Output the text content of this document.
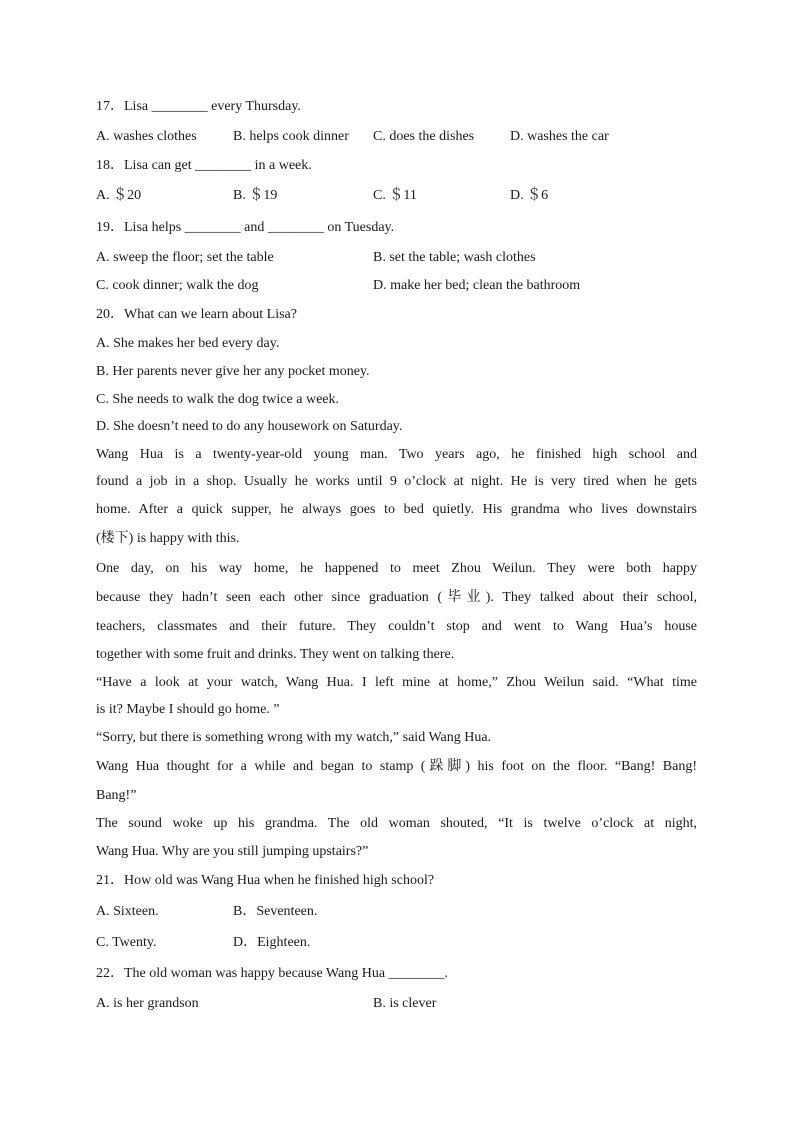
17．Lisa ________ every Thursday.
A. washes clothes	B. helps cook dinner C. does the dishes	D. washes the car
18．Lisa can get ________ in a week.
A. ＄20	B. ＄19	C. ＄11	D. ＄6
19．Lisa helps ________ and ________ on Tuesday.
A. sweep the floor; set the table	B. set the table; wash clothes
C. cook dinner; walk the dog	D. make her bed; clean the bathroom
20．What can we learn about Lisa?
A. She makes her bed every day.
B. Her parents never give her any pocket money.
C. She needs to walk the dog twice a week.
D. She doesn’t need to do any housework on Saturday.
Wang Hua is a twenty-year-old young man. Two years ago, he finished high school and
found a job in a shop. Usually he works until 9 o’clock at night. He is very tired when he gets
home. After a quick supper, he always goes to bed quietly. His grandma who lives downstairs
(楼下) is happy with this.
One day, on his way home, he happened to meet Zhou Weilun. They were both happy
because they hadn’t seen each other since graduation (毕业). They talked about their school,
teachers, classmates and their future. They couldn’t stop and went to Wang Hua’s house
together with some fruit and drinks. They went on talking there.
“Have a look at your watch, Wang Hua. I left mine at home,” Zhou Weilun said. “What time
is it? Maybe I should go home. ”
“Sorry, but there is something wrong with my watch,” said Wang Hua.
Wang Hua thought for a while and began to stamp (跺脚) his foot on the floor. “Bang! Bang!
Bang!”
The sound woke up his grandma. The old woman shouted, “It is twelve o’clock at night,
Wang Hua. Why are you still jumping upstairs?”
21．How old was Wang Hua when he finished high school?
A. Sixteen.	B．Seventeen.
C. Twenty.	D．Eighteen.
22．The old woman was happy because Wang Hua ________.
A. is her grandson	B. is clever
